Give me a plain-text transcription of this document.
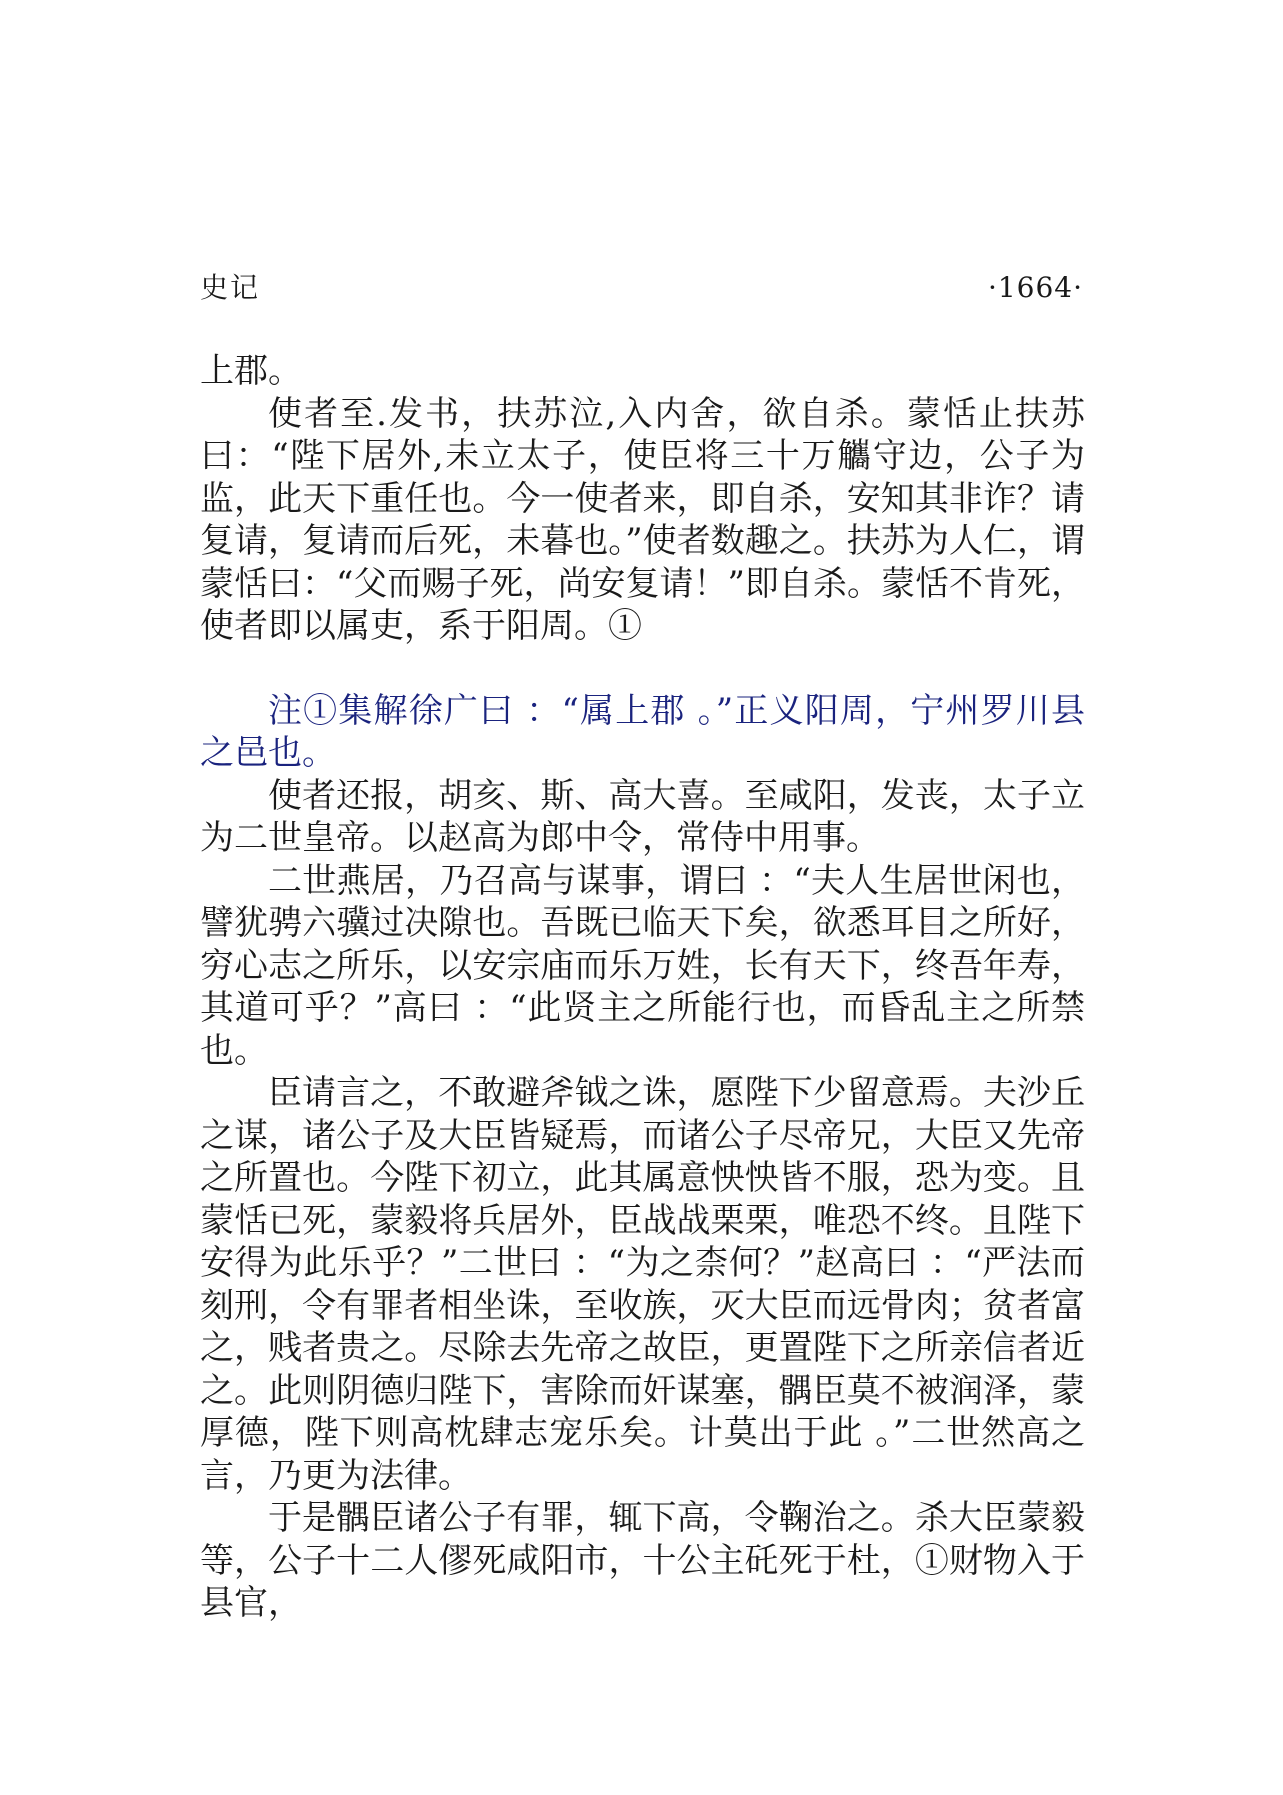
史记	·1664·

上郡。

使者至.发书，扶苏泣,入内舍，欲自杀。蒙恬止扶苏曰：“陛下居外,未立太子，使臣将三十万觿守边，公子为监，此天下重任也。今一使者来，即自杀，安知其非诈？请复请，复请而后死，未暮也。”使者数趣之。扶苏为人仁，谓蒙恬曰：“父而赐子死，尚安复请！”即自杀。蒙恬不肯死，使者即以属吏，系于阳周。①

注①集解徐广曰 ：“属上郡 。”正义阳周，宁州罗川县之邑也。

使者还报，胡亥、斯、高大喜。至咸阳，发丧，太子立为二世皇帝。以赵高为郎中令，常侍中用事。

二世燕居，乃召高与谋事，谓曰 ：“夫人生居世闲也，譬犹骋六骥过决隙也。吾既已临天下矣，欲悉耳目之所好，穷心志之所乐，以安宗庙而乐万姓，长有天下，终吾年寿，其道可乎？”高曰 ：“此贤主之所能行也，而昏乱主之所禁也。

臣请言之，不敢避斧钺之诛，愿陛下少留意焉。夫沙丘之谋，诸公子及大臣皆疑焉，而诸公子尽帝兄，大臣又先帝之所置也。今陛下初立，此其属意怏怏皆不服，恐为变。且蒙恬已死，蒙毅将兵居外，臣战战栗栗，唯恐不终。且陛下安得为此乐乎？”二世曰 ：“为之柰何？”赵高曰 ：“严法而刻刑，令有罪者相坐诛，至收族，灭大臣而远骨肉；贫者富之，贱者贵之。尽除去先帝之故臣，更置陛下之所亲信者近之。此则阴德归陛下，害除而奸谋塞，髃臣莫不被润泽，蒙厚德，陛下则高枕肆志宠乐矣。计莫出于此 。”二世然高之言，乃更为法律。

于是髃臣诸公子有罪，辄下高，令鞠治之。杀大臣蒙毅等，公子十二人僇死咸阳市，十公主矺死于杜，①财物入于县官，
